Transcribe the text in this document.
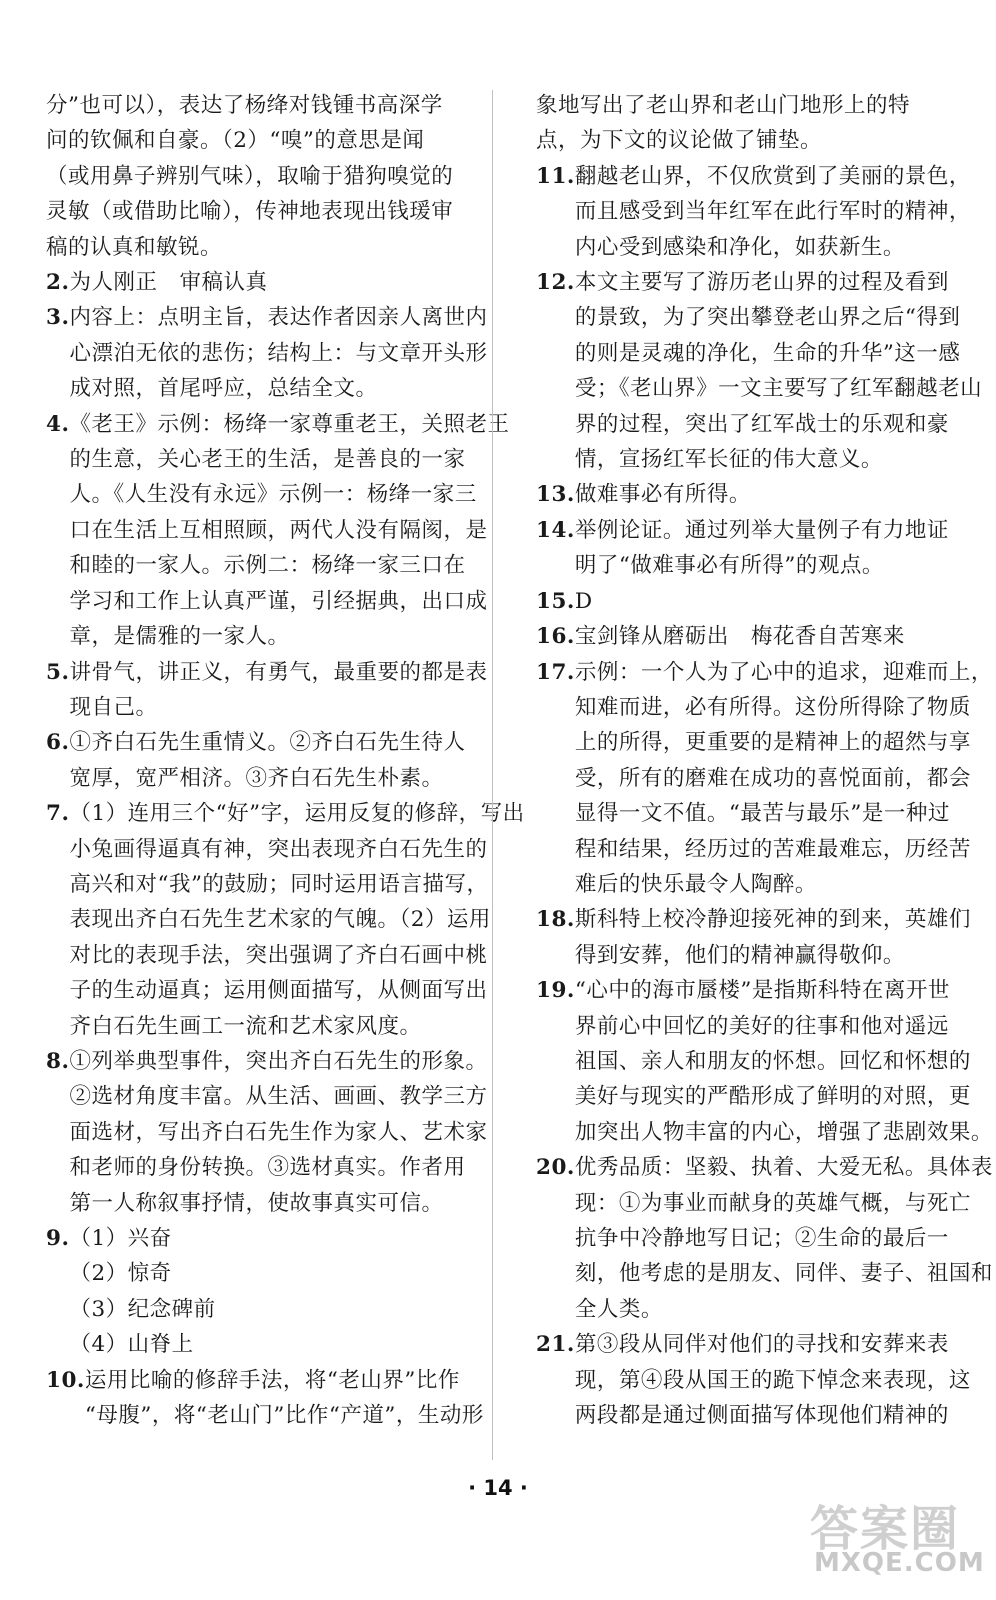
分”也可以），表达了杨绛对钱锺书高深学
问的钦佩和自豪。（2）“嗅”的意思是闻
（或用鼻子辨别气味），取喻于猎狗嗅觉的
灵敏（或借助比喻），传神地表现出钱瑗审
稿的认真和敏锐。
2. 为人刚正　审稿认真
3. 内容上：点明主旨，表达作者因亲人离世内
心漂泊无依的悲伤；结构上：与文章开头形
成对照，首尾呼应，总结全文。
4. 《老王》示例：杨绛一家尊重老王，关照老王
的生意，关心老王的生活，是善良的一家
人。《人生没有永远》示例一：杨绛一家三
口在生活上互相照顾，两代人没有隔阂，是
和睦的一家人。示例二：杨绛一家三口在
学习和工作上认真严谨，引经据典，出口成
章，是儒雅的一家人。
5. 讲骨气，讲正义，有勇气，最重要的都是表
现自己。
6. ①齐白石先生重情义。②齐白石先生待人
宽厚，宽严相济。③齐白石先生朴素。
7. （1）连用三个“好”字，运用反复的修辞，写出
小兔画得逼真有神，突出表现齐白石先生的
高兴和对“我”的鼓励；同时运用语言描写，
表现出齐白石先生艺术家的气魄。（2）运用
对比的表现手法，突出强调了齐白石画中桃
子的生动逼真；运用侧面描写，从侧面写出
齐白石先生画工一流和艺术家风度。
8. ①列举典型事件，突出齐白石先生的形象。
②选材角度丰富。从生活、画画、教学三方
面选材，写出齐白石先生作为家人、艺术家
和老师的身份转换。③选材真实。作者用
第一人称叙事抒情，使故事真实可信。
9. （1）兴奋
（2）惊奇
（3）纪念碑前
（4）山脊上
10. 运用比喻的修辞手法，将“老山界”比作
“母腹”，将“老山门”比作“产道”，生动形
象地写出了老山界和老山门地形上的特
点，为下文的议论做了铺垫。
11. 翻越老山界，不仅欣赏到了美丽的景色，
而且感受到当年红军在此行军时的精神，
内心受到感染和净化，如获新生。
12. 本文主要写了游历老山界的过程及看到
的景致，为了突出攀登老山界之后“得到
的则是灵魂的净化，生命的升华”这一感
受；《老山界》一文主要写了红军翻越老山
界的过程，突出了红军战士的乐观和豪
情，宣扬红军长征的伟大意义。
13. 做难事必有所得。
14. 举例论证。通过列举大量例子有力地证
明了“做难事必有所得”的观点。
15. D
16. 宝剑锋从磨砺出　梅花香自苦寒来
17. 示例：一个人为了心中的追求，迎难而上，
知难而进，必有所得。这份所得除了物质
上的所得，更重要的是精神上的超然与享
受，所有的磨难在成功的喜悦面前，都会
显得一文不值。“最苦与最乐”是一种过
程和结果，经历过的苦难最难忘，历经苦
难后的快乐最令人陶醉。
18. 斯科特上校冷静迎接死神的到来，英雄们
得到安葬，他们的精神赢得敬仰。
19. “心中的海市蜃楼”是指斯科特在离开世
界前心中回忆的美好的往事和他对遥远
祖国、亲人和朋友的怀想。回忆和怀想的
美好与现实的严酷形成了鲜明的对照，更
加突出人物丰富的内心，增强了悲剧效果。
20. 优秀品质：坚毅、执着、大爱无私。具体表
现：①为事业而献身的英雄气概，与死亡
抗争中冷静地写日记；②生命的最后一
刻，他考虑的是朋友、同伴、妻子、祖国和
全人类。
21. 第③段从同伴对他们的寻找和安葬来表
现，第④段从国王的跪下悼念来表现，这
两段都是通过侧面描写体现他们精神的
· 14 ·
答案圈
MXQE.COM
